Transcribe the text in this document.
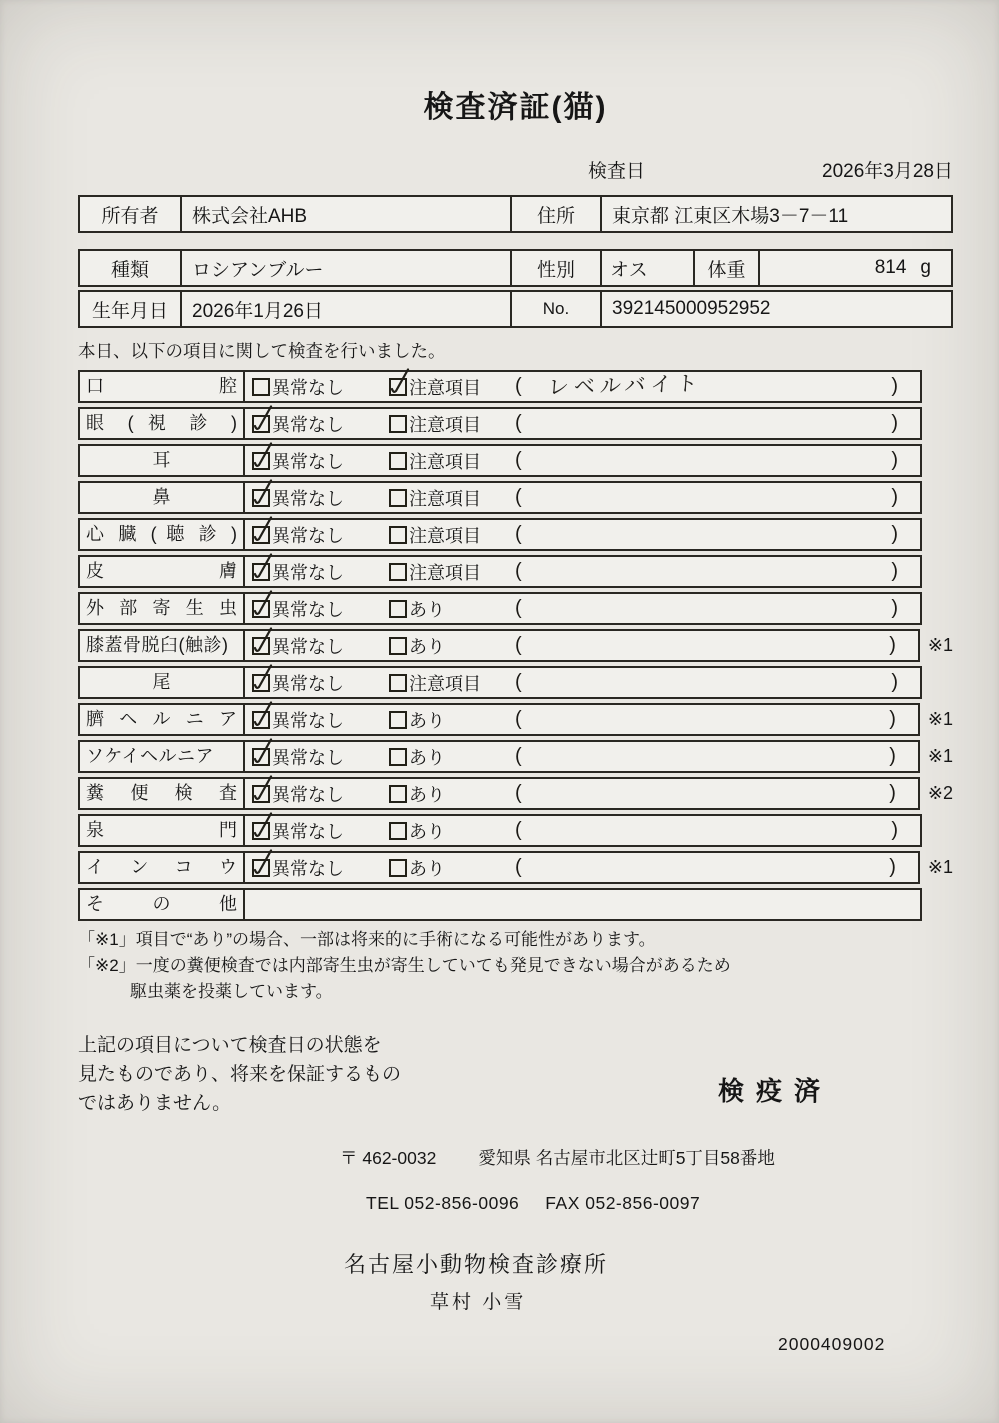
検査済証(猫)
検査日	2026年3月28日
所有者	株式会社AHB	住所	東京都 江東区木場3－7－11
種類	ロシアンブルー	性別	オス	体重	814 g
生年月日	2026年1月26日	No.	392145000952952
本日、以下の項目に関して検査を行いました。
口 腔	異常なし	注意項目 (	レベルバイト	)
眼 ( 視 診 )	異常なし	注意項目 (	)
耳	異常なし	注意項目 (	)
鼻	異常なし	注意項目 (	)
心 臓 ( 聴 診 )	異常なし	注意項目 (	)
皮 膚	異常なし	注意項目 (	)
外 部 寄 生 虫	異常なし	あり	(	)
膝蓋骨脱臼(触診)	異常なし	あり	(	) ※1
尾	異常なし	注意項目 (	)
臍 ヘ ル ニ ア	異常なし	あり	(	) ※1
ソケイヘルニア	異常なし	あり	(	) ※1
糞 便 検 査	異常なし	あり	(	) ※2
泉 門	異常なし	あり	(	)
イ ン コ ウ	異常なし	あり	(	) ※1
そ の 他
「※1」項目で“あり”の場合、一部は将来的に手術になる可能性があります。
「※2」一度の糞便検査では内部寄生虫が寄生していても発見できない場合があるため
駆虫薬を投薬しています。
上記の項目について検査日の状態を
見たものであり、将来を保証するもの
ではありません。	検疫済
〒 462-0032 愛知県 名古屋市北区辻町5丁目58番地
TEL 052-856-0096 FAX 052-856-0097
名古屋小動物検査診療所
草村 小雪
2000409002
